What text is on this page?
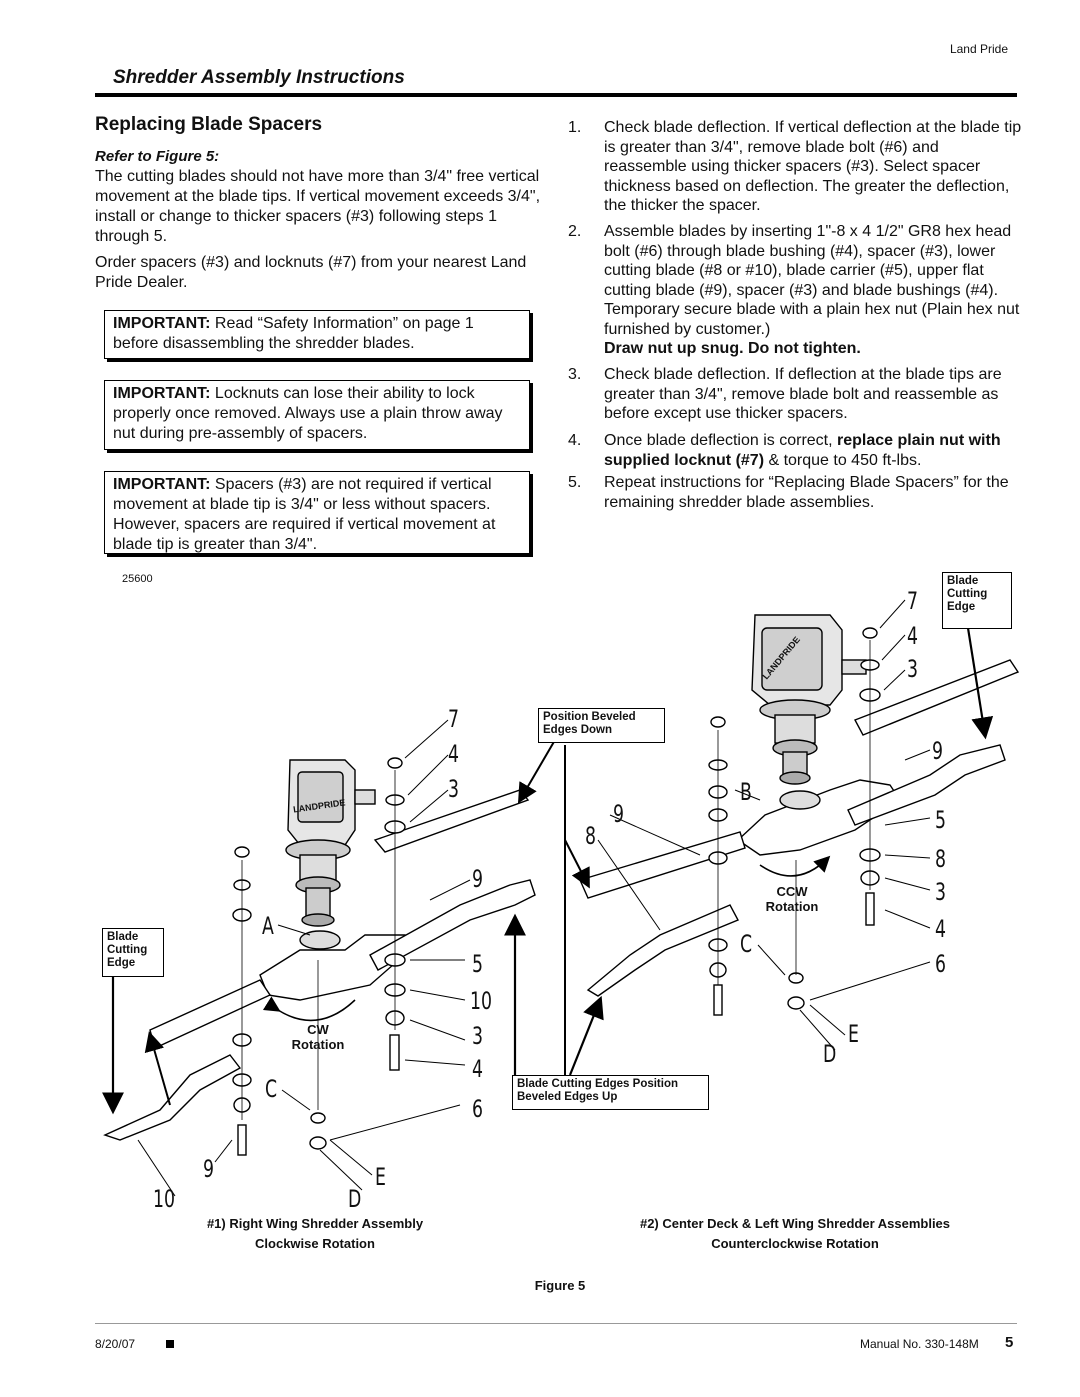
Land Pride
Shredder Assembly Instructions
Replacing Blade Spacers
Refer to Figure 5:
The cutting blades should not have more than 3/4" free vertical movement at the blade tips. If vertical movement exceeds 3/4", install or change to thicker spacers (#3) following steps 1 through 5.
Order spacers (#3) and locknuts (#7) from your nearest Land Pride Dealer.
IMPORTANT: Read “Safety Information” on page 1 before disassembling the shredder blades.
IMPORTANT: Locknuts can lose their ability to lock properly once removed. Always use a plain throw away nut during pre-assembly of spacers.
IMPORTANT: Spacers (#3) are not required if vertical movement at blade tip is 3/4" or less without spacers. However, spacers are required if vertical movement at blade tip is greater than 3/4".
1. Check blade deflection. If vertical deflection at the blade tip is greater than 3/4", remove blade bolt (#6) and reassemble using thicker spacers (#3). Select spacer thickness based on deflection. The greater the deflection, the thicker the spacer.
2. Assemble blades by inserting 1"-8 x 4 1/2" GR8 hex head bolt (#6) through blade bushing (#4), spacer (#3), lower cutting blade (#8 or #10), blade carrier (#5), upper flat cutting blade (#9), spacer (#3) and blade bushings (#4). Temporary secure blade with a plain hex nut (Plain hex nut furnished by customer.)
Draw nut up snug. Do not tighten.
3. Check blade deflection. If deflection at the blade tips are greater than 3/4", remove blade bolt and reassemble as before except use thicker spacers.
4. Once blade deflection is correct, replace plain nut with supplied locknut (#7) & torque to 450 ft-lbs.
5. Repeat instructions for “Replacing Blade Spacers” for the remaining shredder blade assemblies.
25600
LANDPRIDE
LANDPRIDE
Blade Cutting Edge
Blade Cutting Edge
Position Beveled Edges Down
Blade Cutting Edges Position Beveled Edges Up
CW
Rotation
CCW
Rotation
7
4
3
9
A
5
10
3
4
C
6
9	E
10	D
7
4
3
9
B
9
8
5
8
3
C
4
6
E
D
#1) Right Wing Shredder Assembly
Clockwise Rotation
#2) Center Deck & Left Wing Shredder Assemblies
Counterclockwise Rotation
Figure 5
8/20/07	Manual No. 330-148M 5
